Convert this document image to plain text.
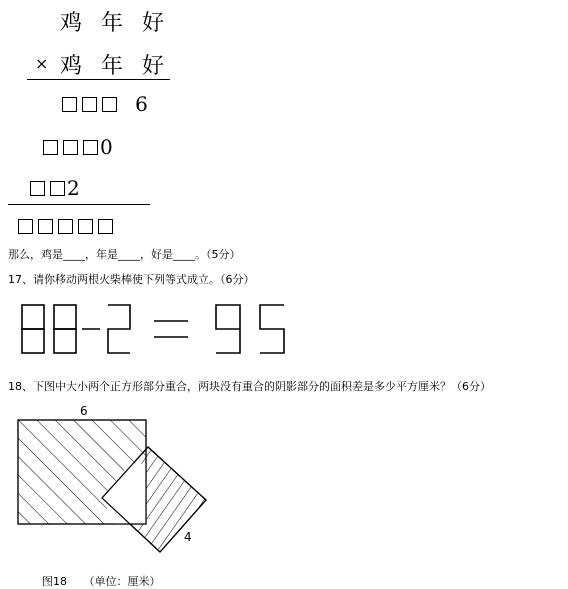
鸡 年 好
× 鸡 年 好
6
0
2
那么，鸡是____，年是____，好是____。（5分）
17、请你移动两根火柴棒使下列等式成立。（6分）
18、下图中大小两个正方形部分重合，两块没有重合的阴影部分的面积差是多少平方厘米？（6分）
6
4
图18　　（单位：厘米）
